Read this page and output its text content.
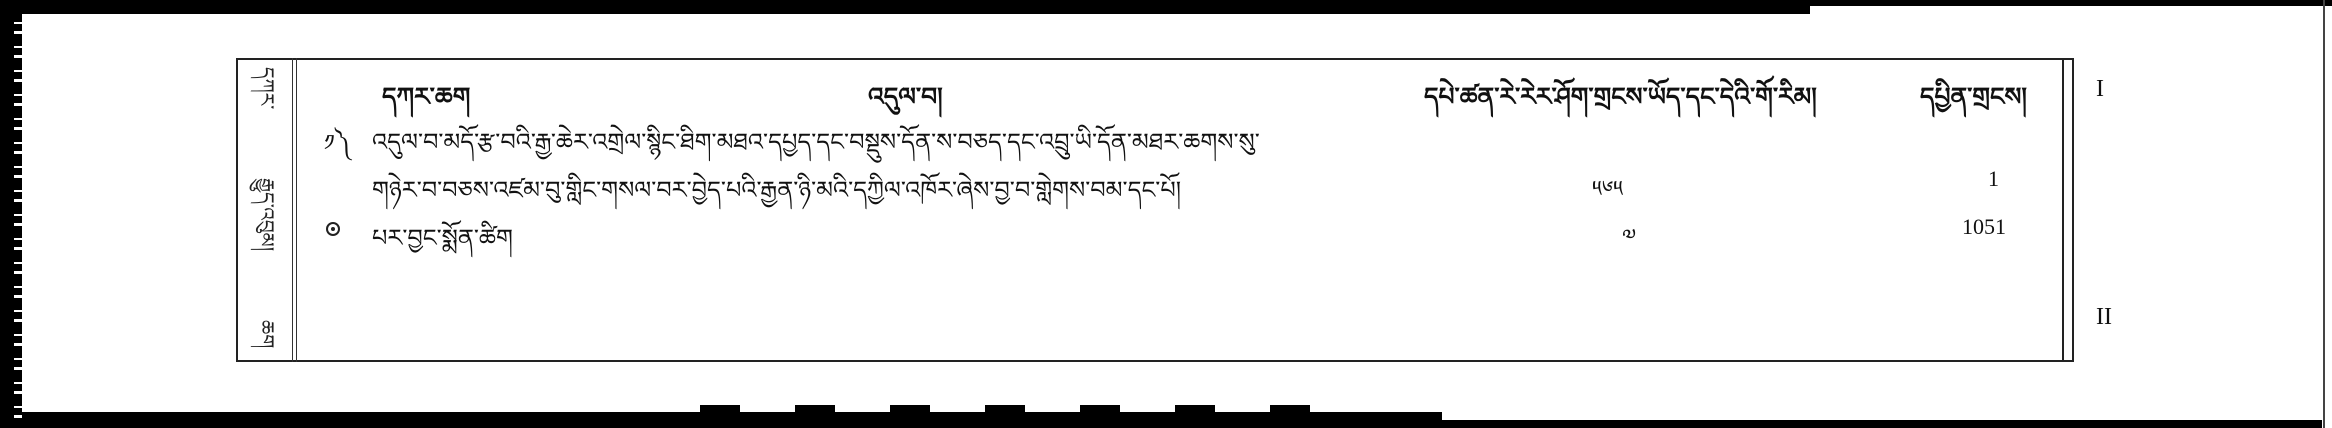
དཀར་
རྒྱུད་འབུམ།
ཆག
དཀར་ཆག	འདུལ་བ།	དཔེ་ཚན་རེ་རེར་ཤོག་གྲངས་ཡོད་དང་དེའི་གོ་རིམ།	དཔྱིན་གྲངས།	I
II
༡༽ འདུལ་བ་མདོ་རྩ་བའི་རྒྱ་ཆེར་འགྲེལ་སྙིང་ཐིག་མཐའ་དཔྱད་དང་བསྡུས་དོན་ས་བཅད་དང་འབྲུ་ཡི་དོན་མཐར་ཆགས་སུ་
གཉེར་བ་བཅས་འཛམ་བུ་གླིང་གསལ་བར་བྱེད་པའི་རྒྱན་ཉི་མའི་དཀྱིལ་འཁོར་ཞེས་བྱ་བ་གླེགས་བམ་དང་པོ།	༥༦༥	1
པར་བྱང་སྨོན་ཚིག	༧	1051
